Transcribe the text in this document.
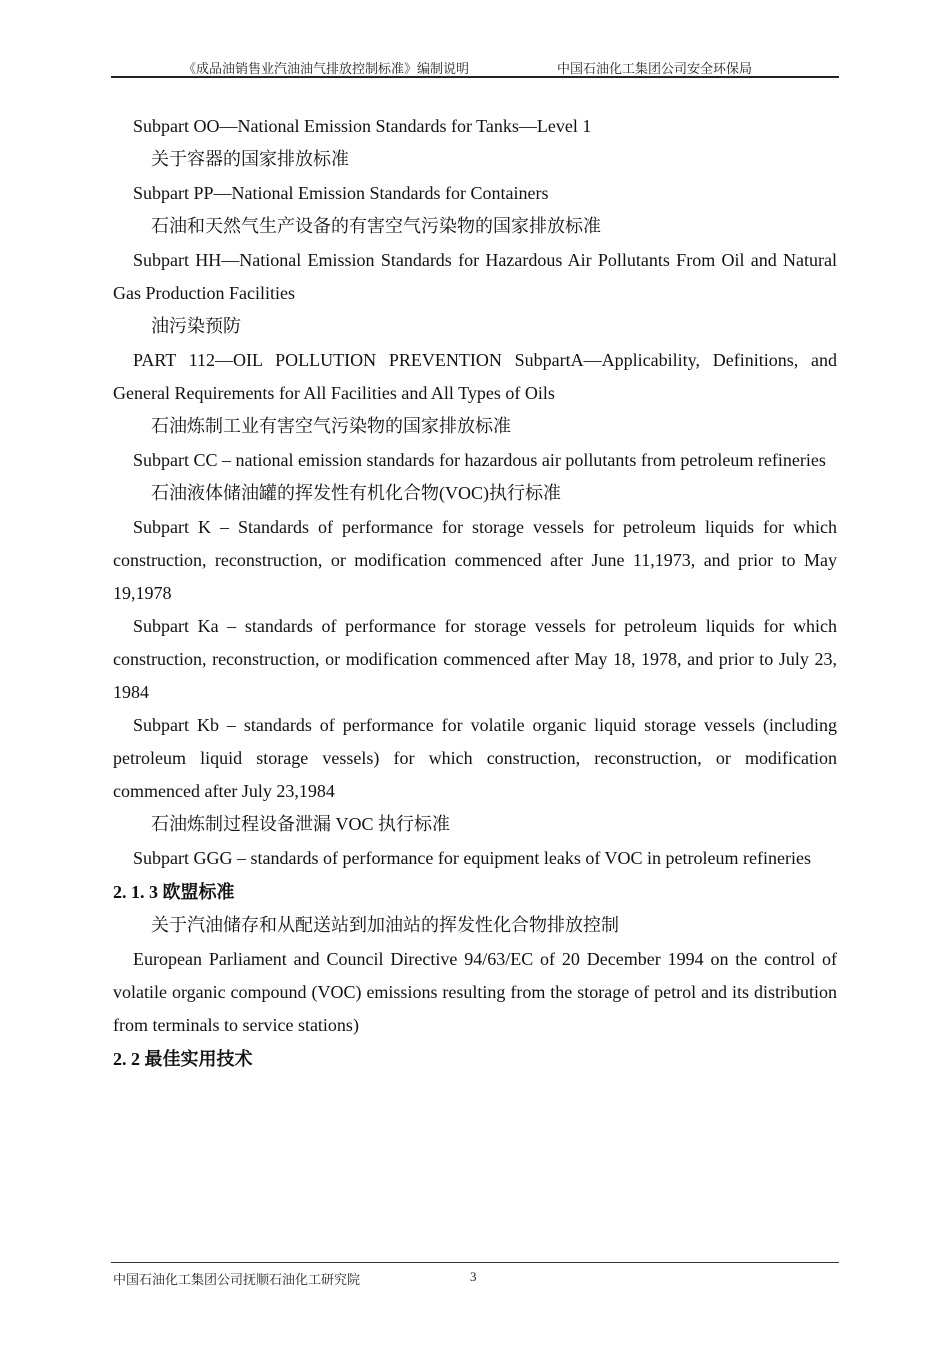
《成品油销售业汽油油气排放控制标准》编制说明	中国石油化工集团公司安全环保局

Subpart OO—National Emission Standards for Tanks—Level 1

关于容器的国家排放标准

Subpart PP—National Emission Standards for Containers

石油和天然气生产设备的有害空气污染物的国家排放标准

Subpart HH—National Emission Standards for Hazardous Air Pollutants From Oil and Natural Gas Production Facilities

油污染预防

PART 112—OIL POLLUTION PREVENTION SubpartA—Applicability, Definitions, and General Requirements for All Facilities and All Types of Oils

石油炼制工业有害空气污染物的国家排放标准

Subpart CC – national emission standards for hazardous air pollutants from petroleum refineries

石油液体储油罐的挥发性有机化合物(VOC)执行标准

Subpart K – Standards of performance for storage vessels for petroleum liquids for which construction, reconstruction, or modification commenced after June 11,1973, and prior to May 19,1978

Subpart Ka – standards of performance for storage vessels for petroleum liquids for which construction, reconstruction, or modification commenced after May 18, 1978, and prior to July 23, 1984

Subpart Kb – standards of performance for volatile organic liquid storage vessels (including petroleum liquid storage vessels) for which construction, reconstruction, or modification commenced after July 23,1984

石油炼制过程设备泄漏 VOC 执行标准

Subpart GGG – standards of performance for equipment leaks of VOC in petroleum refineries

2. 1. 3 欧盟标准

关于汽油储存和从配送站到加油站的挥发性化合物排放控制

European Parliament and Council Directive 94/63/EC of 20 December 1994 on the control of volatile organic compound (VOC) emissions resulting from the storage of petrol and its distribution from terminals to service stations)

2. 2 最佳实用技术

中国石油化工集团公司抚顺石油化工研究院	3
